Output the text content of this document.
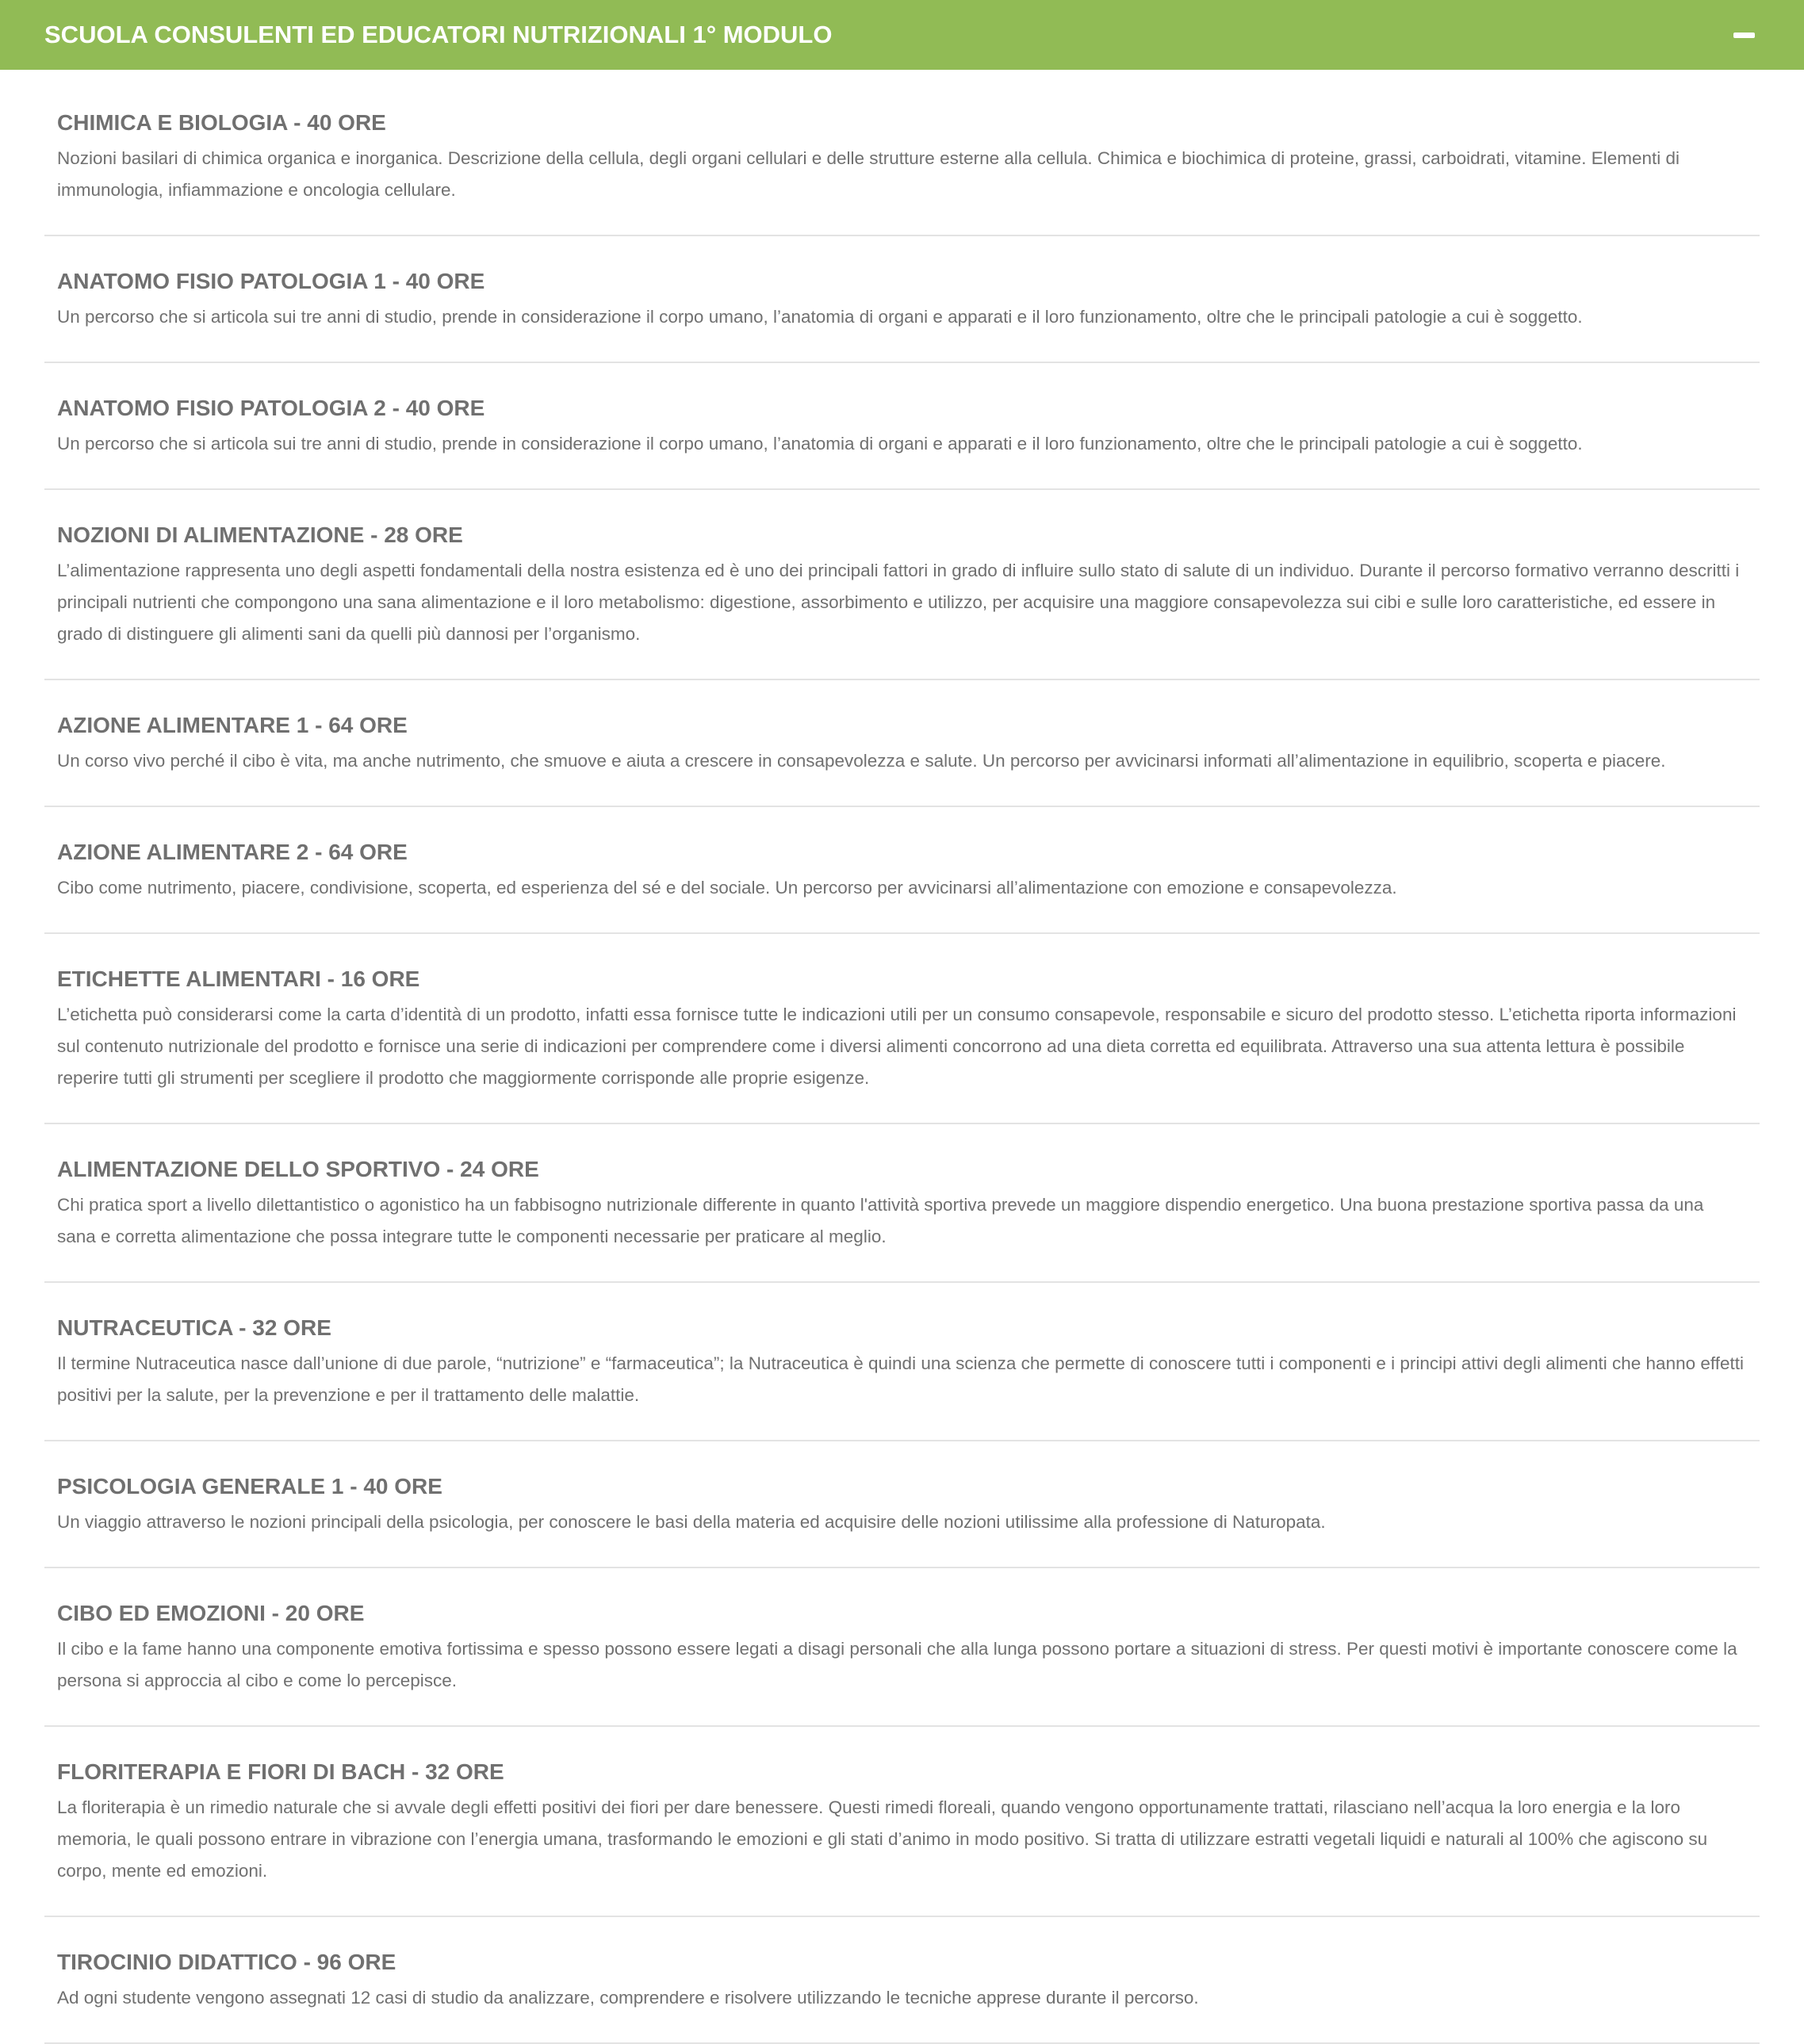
SCUOLA CONSULENTI ED EDUCATORI NUTRIZIONALI 1° MODULO
CHIMICA E BIOLOGIA - 40 ORE

Nozioni basilari di chimica organica e inorganica. Descrizione della cellula, degli organi cellulari e delle strutture esterne alla cellula. Chimica e biochimica di proteine, grassi, carboidrati, vitamine. Elementi di immunologia, infiammazione e oncologia cellulare.

ANATOMO FISIO PATOLOGIA 1 - 40 ORE

Un percorso che si articola sui tre anni di studio, prende in considerazione il corpo umano, l’anatomia di organi e apparati e il loro funzionamento, oltre che le principali patologie a cui è soggetto.

ANATOMO FISIO PATOLOGIA 2 - 40 ORE

Un percorso che si articola sui tre anni di studio, prende in considerazione il corpo umano, l’anatomia di organi e apparati e il loro funzionamento, oltre che le principali patologie a cui è soggetto.

NOZIONI DI ALIMENTAZIONE - 28 ORE

L’alimentazione rappresenta uno degli aspetti fondamentali della nostra esistenza ed è uno dei principali fattori in grado di influire sullo stato di salute di un individuo. Durante il percorso formativo verranno descritti i principali nutrienti che compongono una sana alimentazione e il loro metabolismo: digestione, assorbimento e utilizzo, per acquisire una maggiore consapevolezza sui cibi e sulle loro caratteristiche, ed essere in grado di distinguere gli alimenti sani da quelli più dannosi per l’organismo.

AZIONE ALIMENTARE 1 - 64 ORE

Un corso vivo perché il cibo è vita, ma anche nutrimento, che smuove e aiuta a crescere in consapevolezza e salute. Un percorso per avvicinarsi informati all’alimentazione in equilibrio, scoperta e piacere.

AZIONE ALIMENTARE 2 - 64 ORE

Cibo come nutrimento, piacere, condivisione, scoperta, ed esperienza del sé e del sociale. Un percorso per avvicinarsi all’alimentazione con emozione e consapevolezza.

ETICHETTE ALIMENTARI - 16 ORE

L’etichetta può considerarsi come la carta d’identità di un prodotto, infatti essa fornisce tutte le indicazioni utili per un consumo consapevole, responsabile e sicuro del prodotto stesso. L’etichetta riporta informazioni sul contenuto nutrizionale del prodotto e fornisce una serie di indicazioni per comprendere come i diversi alimenti concorrono ad una dieta corretta ed equilibrata. Attraverso una sua attenta lettura è possibile reperire tutti gli strumenti per scegliere il prodotto che maggiormente corrisponde alle proprie esigenze.

ALIMENTAZIONE DELLO SPORTIVO - 24 ORE

Chi pratica sport a livello dilettantistico o agonistico ha un fabbisogno nutrizionale differente in quanto l'attività sportiva prevede un maggiore dispendio energetico. Una buona prestazione sportiva passa da una sana e corretta alimentazione che possa integrare tutte le componenti necessarie per praticare al meglio.

NUTRACEUTICA - 32 ORE

Il termine Nutraceutica nasce dall’unione di due parole, “nutrizione” e “farmaceutica”; la Nutraceutica è quindi una scienza che permette di conoscere tutti i componenti e i principi attivi degli alimenti che hanno effetti positivi per la salute, per la prevenzione e per il trattamento delle malattie.

PSICOLOGIA GENERALE 1 - 40 ORE

Un viaggio attraverso le nozioni principali della psicologia, per conoscere le basi della materia ed acquisire delle nozioni utilissime alla professione di Naturopata.

CIBO ED EMOZIONI - 20 ORE

Il cibo e la fame hanno una componente emotiva fortissima e spesso possono essere legati a disagi personali che alla lunga possono portare a situazioni di stress. Per questi motivi è importante conoscere come la persona si approccia al cibo e come lo percepisce.

FLORITERAPIA E FIORI DI BACH - 32 ORE

La floriterapia è un rimedio naturale che si avvale degli effetti positivi dei fiori per dare benessere. Questi rimedi floreali, quando vengono opportunamente trattati, rilasciano nell’acqua la loro energia e la loro memoria, le quali possono entrare in vibrazione con l’energia umana, trasformando le emozioni e gli stati d’animo in modo positivo. Si tratta di utilizzare estratti vegetali liquidi e naturali al 100% che agiscono su corpo, mente ed emozioni.

TIROCINIO DIDATTICO - 96 ORE

Ad ogni studente vengono assegnati 12 casi di studio da analizzare, comprendere e risolvere utilizzando le tecniche apprese durante il percorso.
